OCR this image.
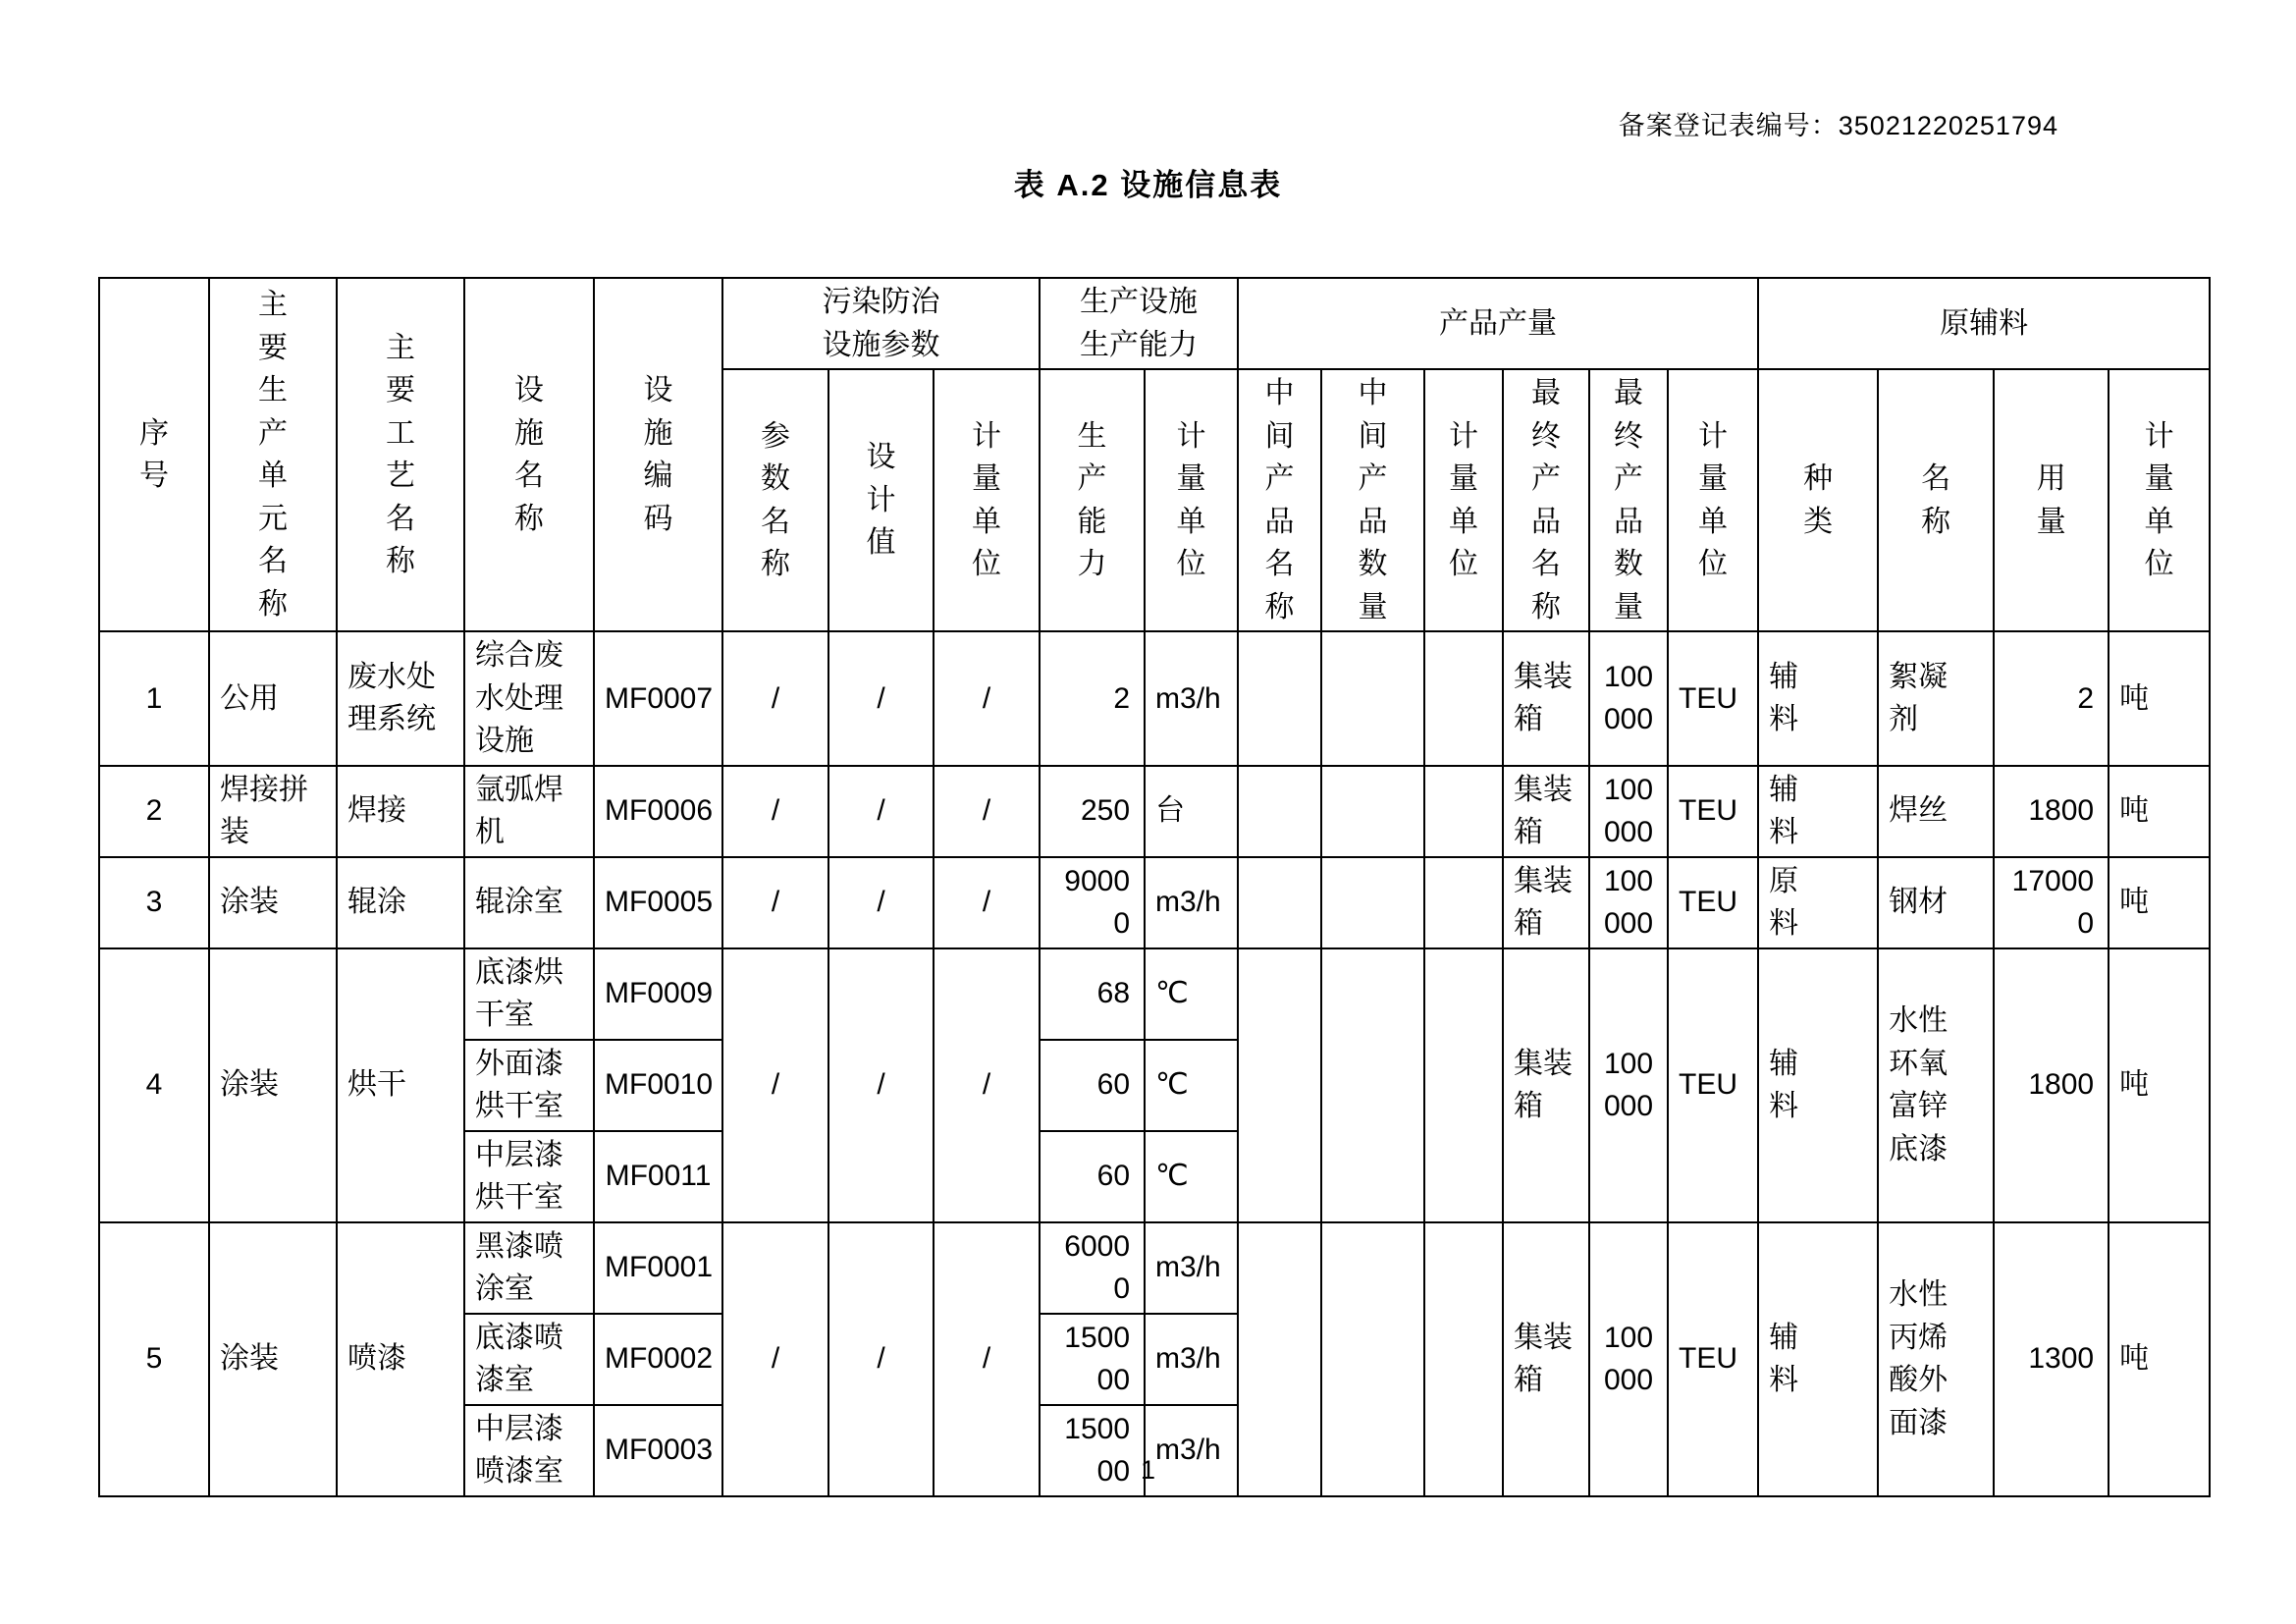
备案登记表编号：35021220251794
表 A.2 设施信息表
序号	主要生产单元名称	主要工艺名称	设施名称	设施编码	污染防治设施参数			生产设施生产能力		产品产量						原辅料			
					参数名称	设计值	计量单位	生产能力	计量单位	中间产品名称	中间产品数量	计量单位	最终产品名称	最终产品数量	计量单位	种类	名称	用量	计量单位
1	公用	废水处理系统	综合废水处理设施	MF0007	/	/	/	2	m3/h				集装箱	100000	TEU	辅料	絮凝剂	2	吨
2	焊接拼装	焊接	氩弧焊机	MF0006	/	/	/	250	台				集装箱	100000	TEU	辅料	焊丝	1800	吨
3	涂装	辊涂	辊涂室	MF0005	/	/	/	90000	m3/h				集装箱	100000	TEU	原料	钢材	170000	吨
4	涂装	烘干	底漆烘干室	MF0009	/	/	/	68	℃				集装箱	100000	TEU	辅料	水性环氧富锌底漆	1800	吨
			外面漆烘干室	MF0010				60	℃										
			中层漆烘干室	MF0011				60	℃										
5	涂装	喷漆	黑漆喷涂室	MF0001	/	/	/	60000	m3/h				集装箱	100000	TEU	辅料	水性丙烯酸外面漆	1300	吨
			底漆喷漆室	MF0002				150000	m3/h										
			中层漆喷漆室	MF0003				150000	m3/h										
1
